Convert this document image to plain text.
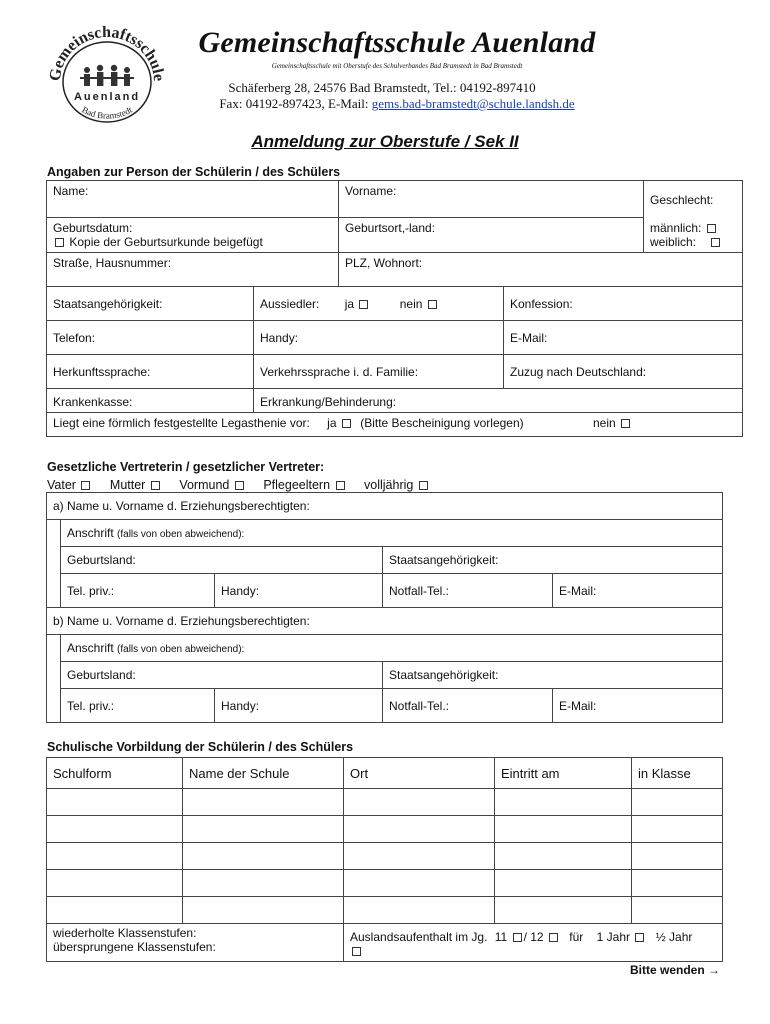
Gemeinschaftsschule
Auenland
Bad Bramstedt
Gemeinschaftsschule Auenland
Gemeinschaftsschule mit Oberstufe des Schulverbandes Bad Bramstedt in Bad Bramstedt
Schäferberg 28, 24576 Bad Bramstedt, Tel.: 04192-897410
Fax: 04192-897423, E-Mail: gems.bad-bramstedt@schule.landsh.de
Anmeldung zur Oberstufe / Sek II
Angaben zur Person der Schülerin / des Schülers
Name:		Vorname:		Geschlecht:
männlich:
weiblich:

Geburtsdatum:
Kopie der Geburtsurkunde beigefügt		Geburtsort,-land:		
Straße, Hausnummer:		PLZ, Wohnort:		
Staatsangehörigkeit:	Aussiedler: ja nein		Konfession:	
Telefon:	Handy:		E-Mail:	
Herkunftssprache:	Verkehrssprache i. d. Familie:		Zuzug nach Deutschland:	
Krankenkasse:	Erkrankung/Behinderung:			
Liegt eine förmlich festgestellte Legasthenie vor: ja (Bitte Bescheinigung vorlegen) nein				
Gesetzliche Vertreterin / gesetzlicher Vertreter:
Vater	Mutter	Vormund	Pflegeeltern	volljährig
a) Name u. Vorname d. Erziehungsberechtigten:				
	Anschrift (falls von oben abweichend):			
	Geburtsland:		Staatsangehörigkeit:	
	Tel. priv.:	Handy:	Notfall-Tel.:	E-Mail:
b) Name u. Vorname d. Erziehungsberechtigten:				
	Anschrift (falls von oben abweichend):			
	Geburtsland:		Staatsangehörigkeit:	
	Tel. priv.:	Handy:	Notfall-Tel.:	E-Mail:
Schulische Vorbildung der Schülerin / des Schülers
Schulform	Name der Schule	Ort	Eintritt am	in Klasse

wiederholte Klassenstufen:
übersprungene Klassenstufen:		Auslandsaufenthalt im Jg. 11 / 12 für 1 Jahr ½ Jahr		
Bitte wenden →
